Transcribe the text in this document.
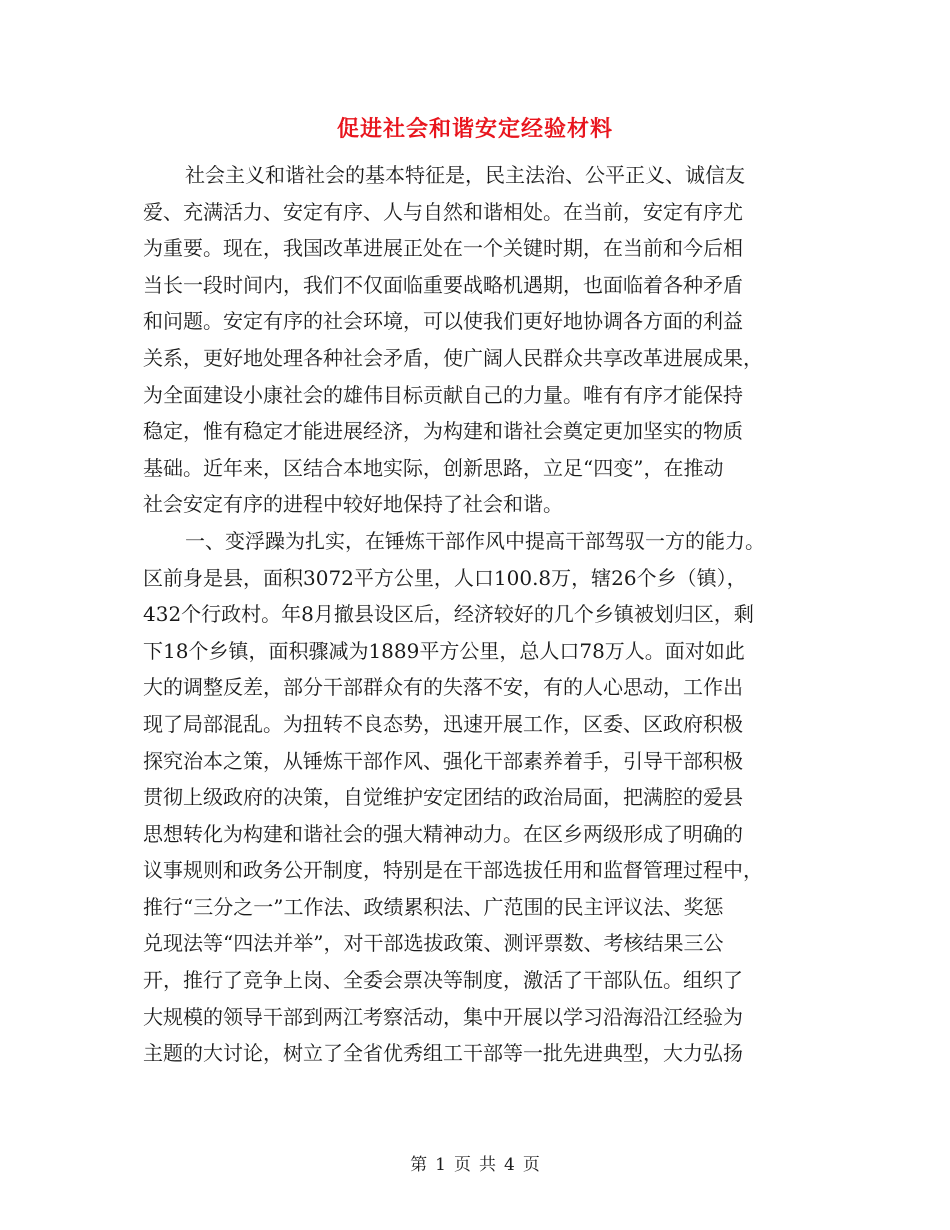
促进社会和谐安定经验材料
社会主义和谐社会的基本特征是，民主法治、公平正义、诚信友
爱、充满活力、安定有序、人与自然和谐相处。在当前，安定有序尤
为重要。现在，我国改革进展正处在一个关键时期，在当前和今后相
当长一段时间内，我们不仅面临重要战略机遇期，也面临着各种矛盾
和问题。安定有序的社会环境，可以使我们更好地协调各方面的利益
关系，更好地处理各种社会矛盾，使广阔人民群众共享改革进展成果，
为全面建设小康社会的雄伟目标贡献自己的力量。唯有有序才能保持
稳定，惟有稳定才能进展经济，为构建和谐社会奠定更加坚实的物质
基础。近年来，区结合本地实际，创新思路，立足“四变”，在推动
社会安定有序的进程中较好地保持了社会和谐。
一、变浮躁为扎实，在锤炼干部作风中提高干部驾驭一方的能力。
区前身是县，面积3072平方公里，人口100.8万，辖26个乡（镇），
432个行政村。年8月撤县设区后，经济较好的几个乡镇被划归区，剩
下18个乡镇，面积骤减为1889平方公里，总人口78万人。面对如此
大的调整反差，部分干部群众有的失落不安，有的人心思动，工作出
现了局部混乱。为扭转不良态势，迅速开展工作，区委、区政府积极
探究治本之策，从锤炼干部作风、强化干部素养着手，引导干部积极
贯彻上级政府的决策，自觉维护安定团结的政治局面，把满腔的爱县
思想转化为构建和谐社会的强大精神动力。在区乡两级形成了明确的
议事规则和政务公开制度，特别是在干部选拔任用和监督管理过程中，
推行“三分之一”工作法、政绩累积法、广范围的民主评议法、奖惩
兑现法等“四法并举”，对干部选拔政策、测评票数、考核结果三公
开，推行了竞争上岗、全委会票决等制度，激活了干部队伍。组织了
大规模的领导干部到两江考察活动，集中开展以学习沿海沿江经验为
主题的大讨论，树立了全省优秀组工干部等一批先进典型，大力弘扬
第 1 页 共 4 页
